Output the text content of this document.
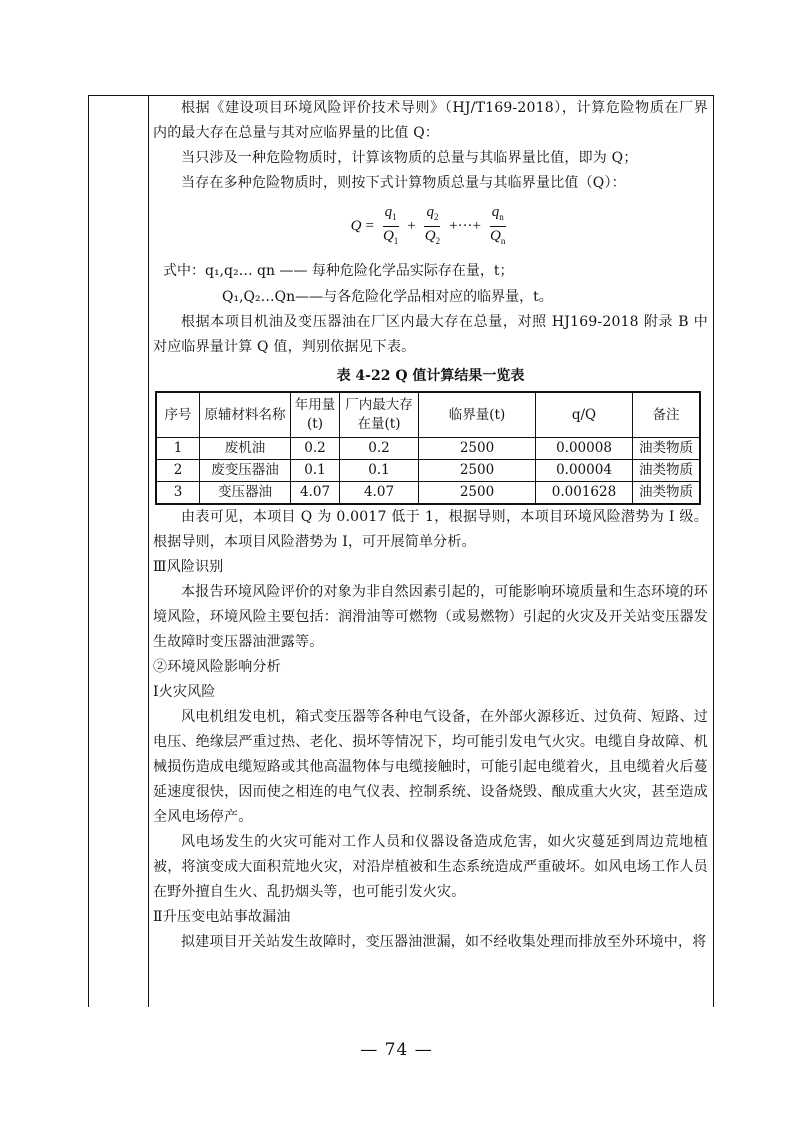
根据《建设项目环境风险评价技术导则》（HJ/T169-2018），计算危险物质在厂界内的最大存在总量与其对应临界量的比值 Q：

当只涉及一种危险物质时，计算该物质的总量与其临界量比值，即为 Q；

当存在多种危险物质时，则按下式计算物质总量与其临界量比值（Q）：

$Q = \frac{q_1}{Q_1} + \frac{q_2}{Q_2}$ +···+ $\frac{q_n}{Q_n}$
式中：q₁,q₂… qn —— 每种危险化学品实际存在量，t；
Q₁,Q₂…Qn——与各危险化学品相对应的临界量，t。

根据本项目机油及变压器油在厂区内最大存在总量，对照 HJ169-2018 附录 B 中对应临界量计算 Q 值，判别依据见下表。

表 4-22 Q 值计算结果一览表
序号	原辅材料名称	年用量(t)	厂内最大存在量(t)	临界量(t)	q/Q	备注
1	废机油	0.2	0.2	2500	0.00008	油类物质
2	废变压器油	0.1	0.1	2500	0.00004	油类物质
3	变压器油	4.07	4.07	2500	0.001628	油类物质

由表可见，本项目 Q 为 0.0017 低于 1，根据导则，本项目环境风险潜势为 I 级。根据导则，本项目风险潜势为 I，可开展简单分析。

Ⅲ风险识别

本报告环境风险评价的对象为非自然因素引起的，可能影响环境质量和生态环境的环境风险，环境风险主要包括：润滑油等可燃物（或易燃物）引起的火灾及开关站变压器发生故障时变压器油泄露等。

②环境风险影响分析

Ⅰ火灾风险

风电机组发电机，箱式变压器等各种电气设备，在外部火源移近、过负荷、短路、过电压、绝缘层严重过热、老化、损坏等情况下，均可能引发电气火灾。电缆自身故障、机械损伤造成电缆短路或其他高温物体与电缆接触时，可能引起电缆着火，且电缆着火后蔓延速度很快，因而使之相连的电气仪表、控制系统、设备烧毁、酿成重大火灾，甚至造成全风电场停产。

风电场发生的火灾可能对工作人员和仪器设备造成危害，如火灾蔓延到周边荒地植被，将演变成大面积荒地火灾，对沿岸植被和生态系统造成严重破坏。如风电场工作人员在野外擅自生火、乱扔烟头等，也可能引发火灾。

Ⅱ升压变电站事故漏油

拟建项目开关站发生故障时，变压器油泄漏，如不经收集处理而排放至外环境中，将

— 74 —
